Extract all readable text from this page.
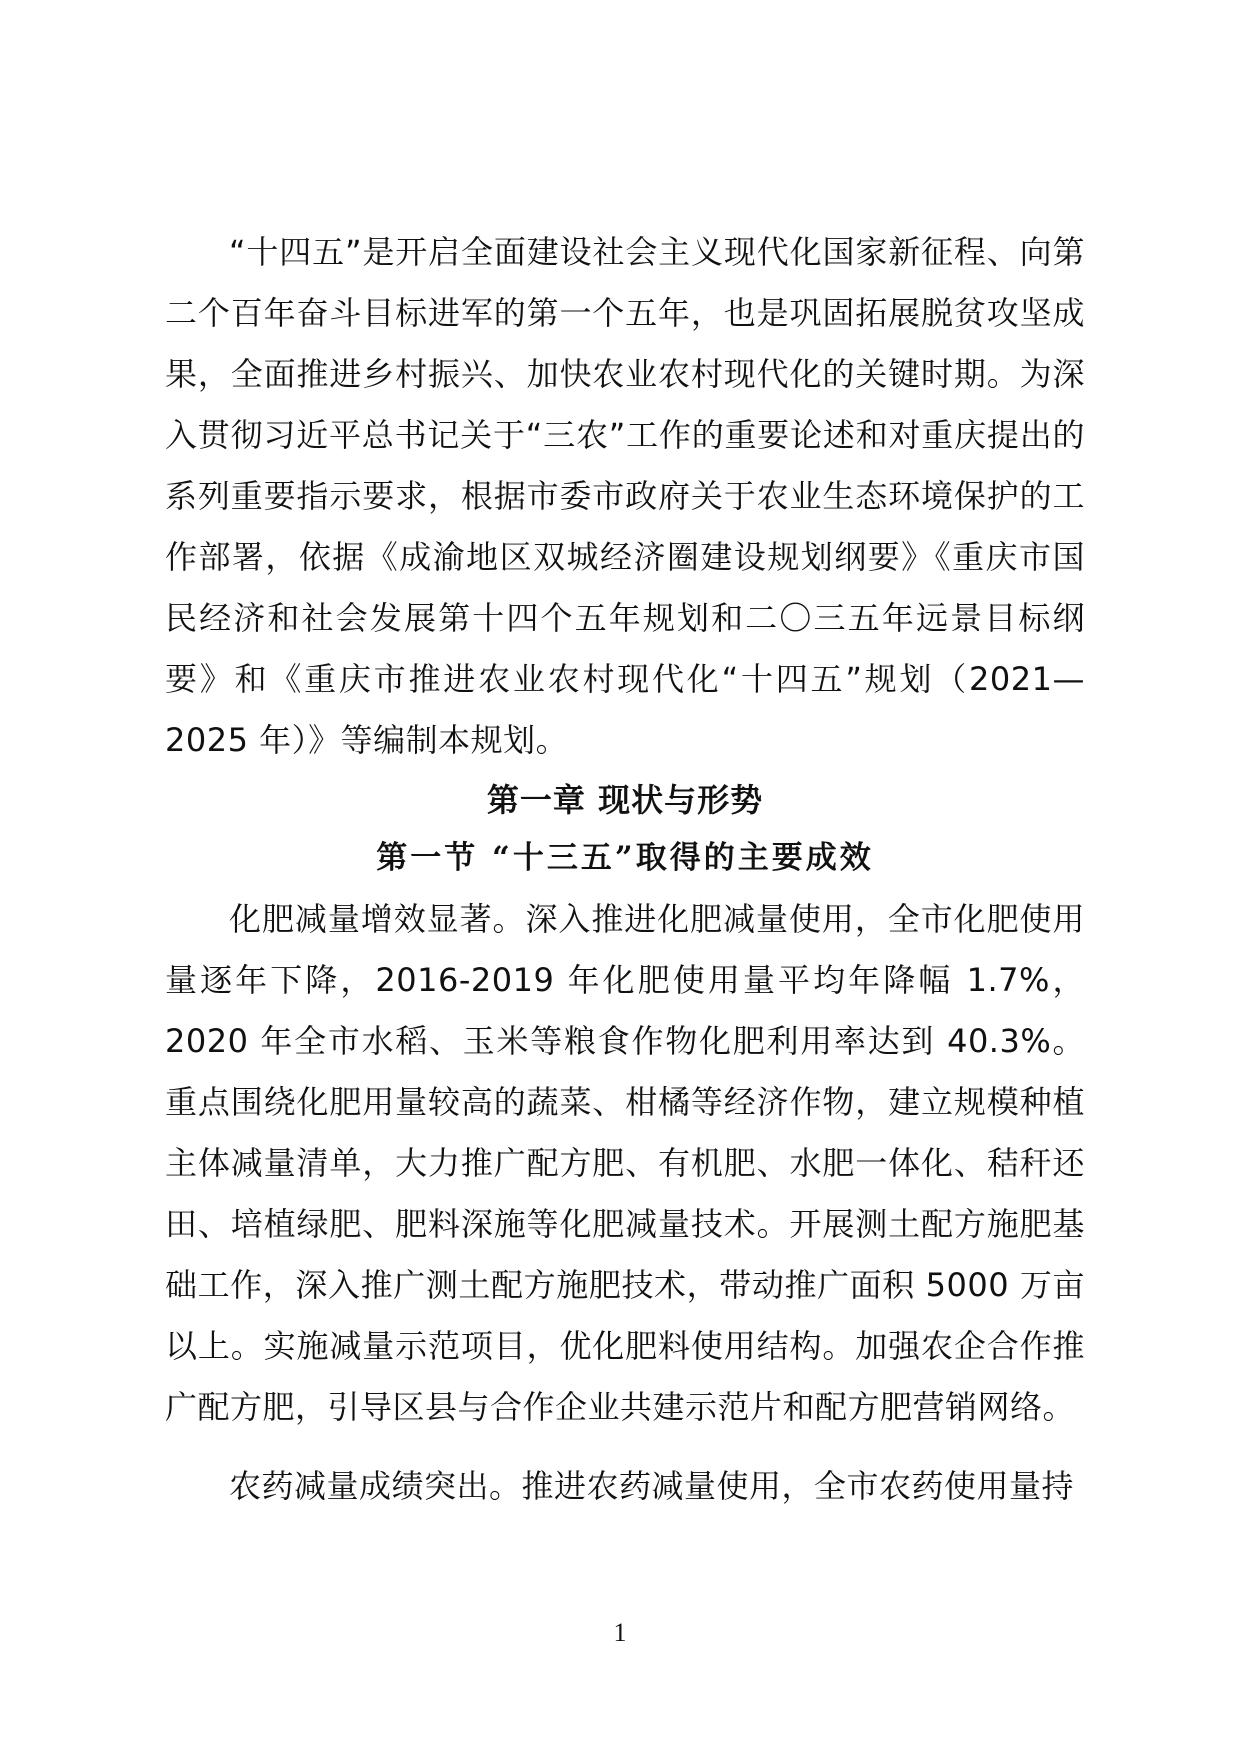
“十四五”是开启全面建设社会主义现代化国家新征程、向第二个百年奋斗目标进军的第一个五年，也是巩固拓展脱贫攻坚成果，全面推进乡村振兴、加快农业农村现代化的关键时期。为深入贯彻习近平总书记关于“三农”工作的重要论述和对重庆提出的系列重要指示要求，根据市委市政府关于农业生态环境保护的工作部署，依据《成渝地区双城经济圈建设规划纲要》《重庆市国民经济和社会发展第十四个五年规划和二〇三五年远景目标纲要》和《重庆市推进农业农村现代化“十四五”规划（2021—2025 年）》等编制本规划。

第一章 现状与形势
第一节 “十三五”取得的主要成效

化肥减量增效显著。深入推进化肥减量使用，全市化肥使用量逐年下降，2016-2019 年化肥使用量平均年降幅 1.7%，2020 年全市水稻、玉米等粮食作物化肥利用率达到 40.3%。重点围绕化肥用量较高的蔬菜、柑橘等经济作物，建立规模种植主体减量清单，大力推广配方肥、有机肥、水肥一体化、秸秆还田、培植绿肥、肥料深施等化肥减量技术。开展测土配方施肥基础工作，深入推广测土配方施肥技术，带动推广面积 5000 万亩以上。实施减量示范项目，优化肥料使用结构。加强农企合作推广配方肥，引导区县与合作企业共建示范片和配方肥营销网络。

农药减量成绩突出。推进农药减量使用，全市农药使用量持

1
